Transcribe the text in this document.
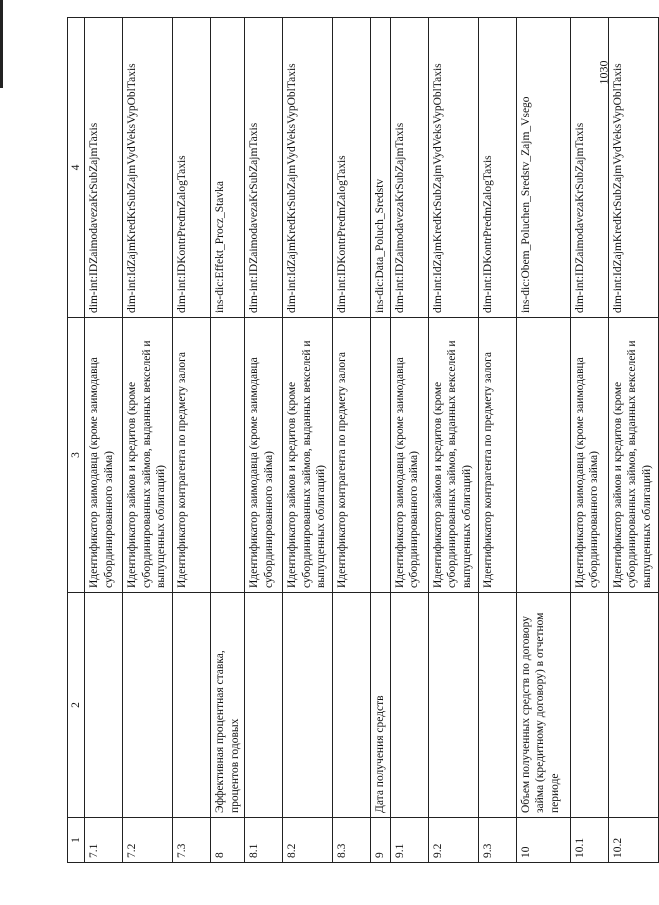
1030
1	2	3	4
7.1		Идентификатор заимодавца (кроме заимодавца субординированного займа)	dim-int:IDZaimodavezaKrSubZajmTaxis
7.2		Идентификатор займов и кредитов (кроме субординированных займов, выданных векселей и выпущенных облигаций)	dim-int:IdZajmKredKrSubZajmVydVeksVypOblTaxis
7.3		Идентификатор контрагента по предмету залога	dim-int:IDKontrPredmZalogTaxis
8	Эффективная процентная ставка, процентов годовых		ins-dic:Effekt_Procz_Stavka
8.1		Идентификатор заимодавца (кроме заимодавца субординированного займа)	dim-int:IDZaimodavezaKrSubZajmTaxis
8.2		Идентификатор займов и кредитов (кроме субординированных займов, выданных векселей и выпущенных облигаций)	dim-int:IdZajmKredKrSubZajmVydVeksVypOblTaxis
8.3		Идентификатор контрагента по предмету залога	dim-int:IDKontrPredmZalogTaxis
9	Дата получения средств		ins-dic:Data_Poluch_Sredstv
9.1		Идентификатор заимодавца (кроме заимодавца субординированного займа)	dim-int:IDZaimodavezaKrSubZajmTaxis
9.2		Идентификатор займов и кредитов (кроме субординированных займов, выданных векселей и выпущенных облигаций)	dim-int:IdZajmKredKrSubZajmVydVeksVypOblTaxis
9.3		Идентификатор контрагента по предмету залога	dim-int:IDKontrPredmZalogTaxis
10	Объем полученных средств по договору займа (кредитному договору) в отчетном периоде		ins-dic:Obem_Poluchen_Sredstv_Zajm_Vsego
10.1		Идентификатор заимодавца (кроме заимодавца субординированного займа)	dim-int:IDZaimodavezaKrSubZajmTaxis
10.2		Идентификатор займов и кредитов (кроме субординированных займов, выданных векселей и выпущенных облигаций)	dim-int:IdZajmKredKrSubZajmVydVeksVypOblTaxis
